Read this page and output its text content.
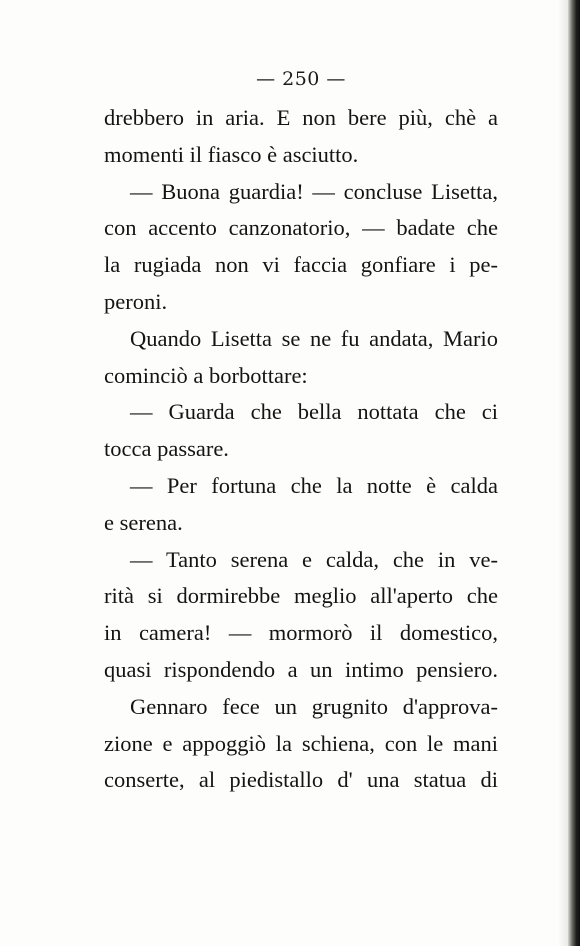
— 250 —
drebbero in aria. E non bere più, chè a
momenti il fiasco è asciutto.
— Buona guardia! — concluse Lisetta,
con accento canzonatorio, — badate che
la rugiada non vi faccia gonfiare i pe-
peroni.
Quando Lisetta se ne fu andata, Mario
cominciò a borbottare:
— Guarda che bella nottata che ci
tocca passare.
— Per fortuna che la notte è calda
e serena.
— Tanto serena e calda, che in ve-
rità si dormirebbe meglio all'aperto che
in camera! — mormorò il domestico,
quasi rispondendo a un intimo pensiero.
Gennaro fece un grugnito d'approva-
zione e appoggiò la schiena, con le mani
conserte, al piedistallo d' una statua di
